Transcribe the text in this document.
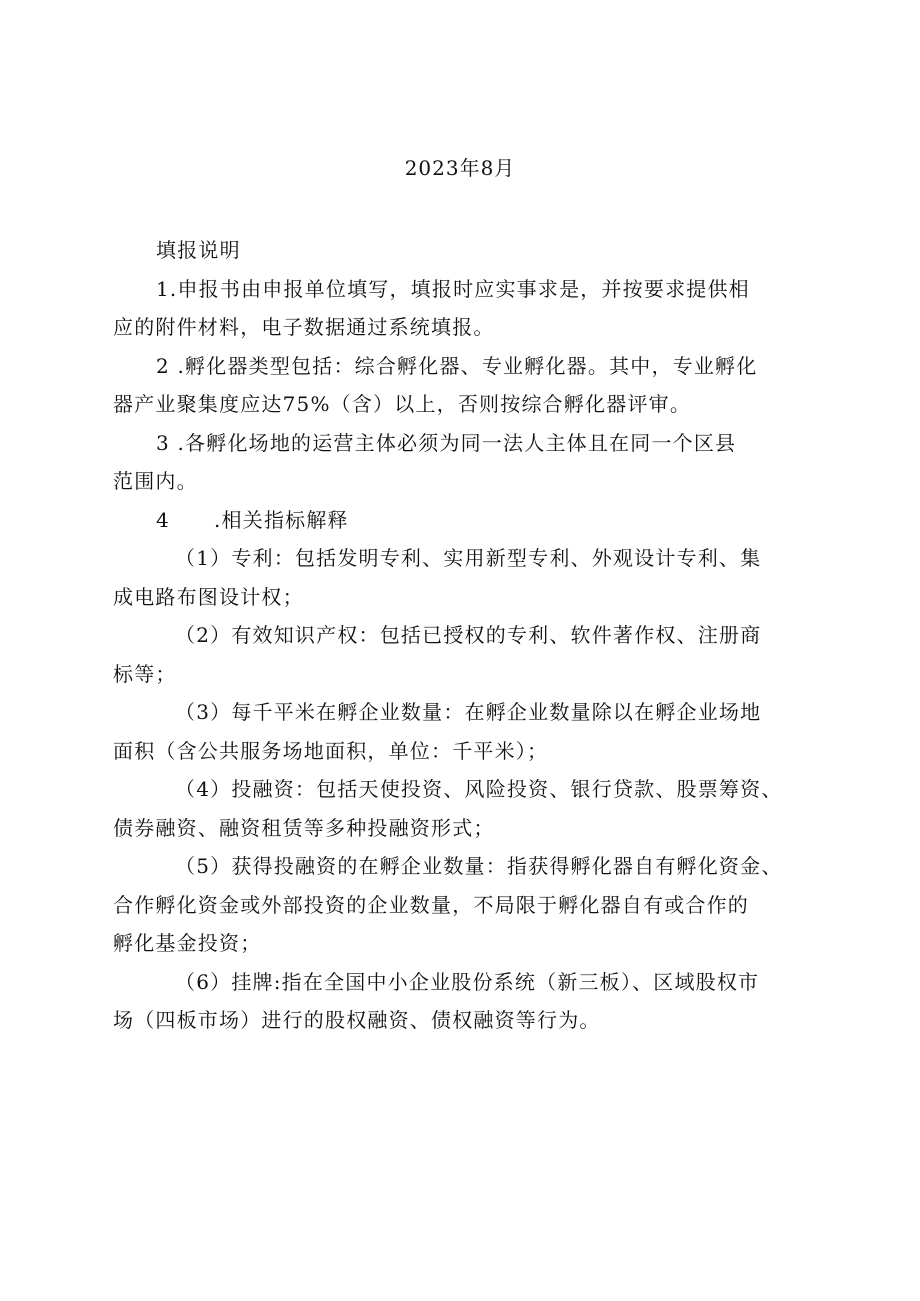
2023年8月
填报说明
1.申报书由申报单位填写，填报时应实事求是，并按要求提供相
应的附件材料，电子数据通过系统填报。
2 .孵化器类型包括：综合孵化器、专业孵化器。其中，专业孵化
器产业聚集度应达75%（含）以上，否则按综合孵化器评审。
3 .各孵化场地的运营主体必须为同一法人主体且在同一个区县
范围内。
4 .相关指标解释
（1）专利：包括发明专利、实用新型专利、外观设计专利、集
成电路布图设计权；
（2）有效知识产权：包括已授权的专利、软件著作权、注册商
标等；
（3）每千平米在孵企业数量：在孵企业数量除以在孵企业场地
面积（含公共服务场地面积，单位：千平米）；
（4）投融资：包括天使投资、风险投资、银行贷款、股票筹资、
债券融资、融资租赁等多种投融资形式；
（5）获得投融资的在孵企业数量：指获得孵化器自有孵化资金、
合作孵化资金或外部投资的企业数量，不局限于孵化器自有或合作的
孵化基金投资；
（6）挂牌:指在全国中小企业股份系统（新三板）、区域股权市
场（四板市场）进行的股权融资、债权融资等行为。
